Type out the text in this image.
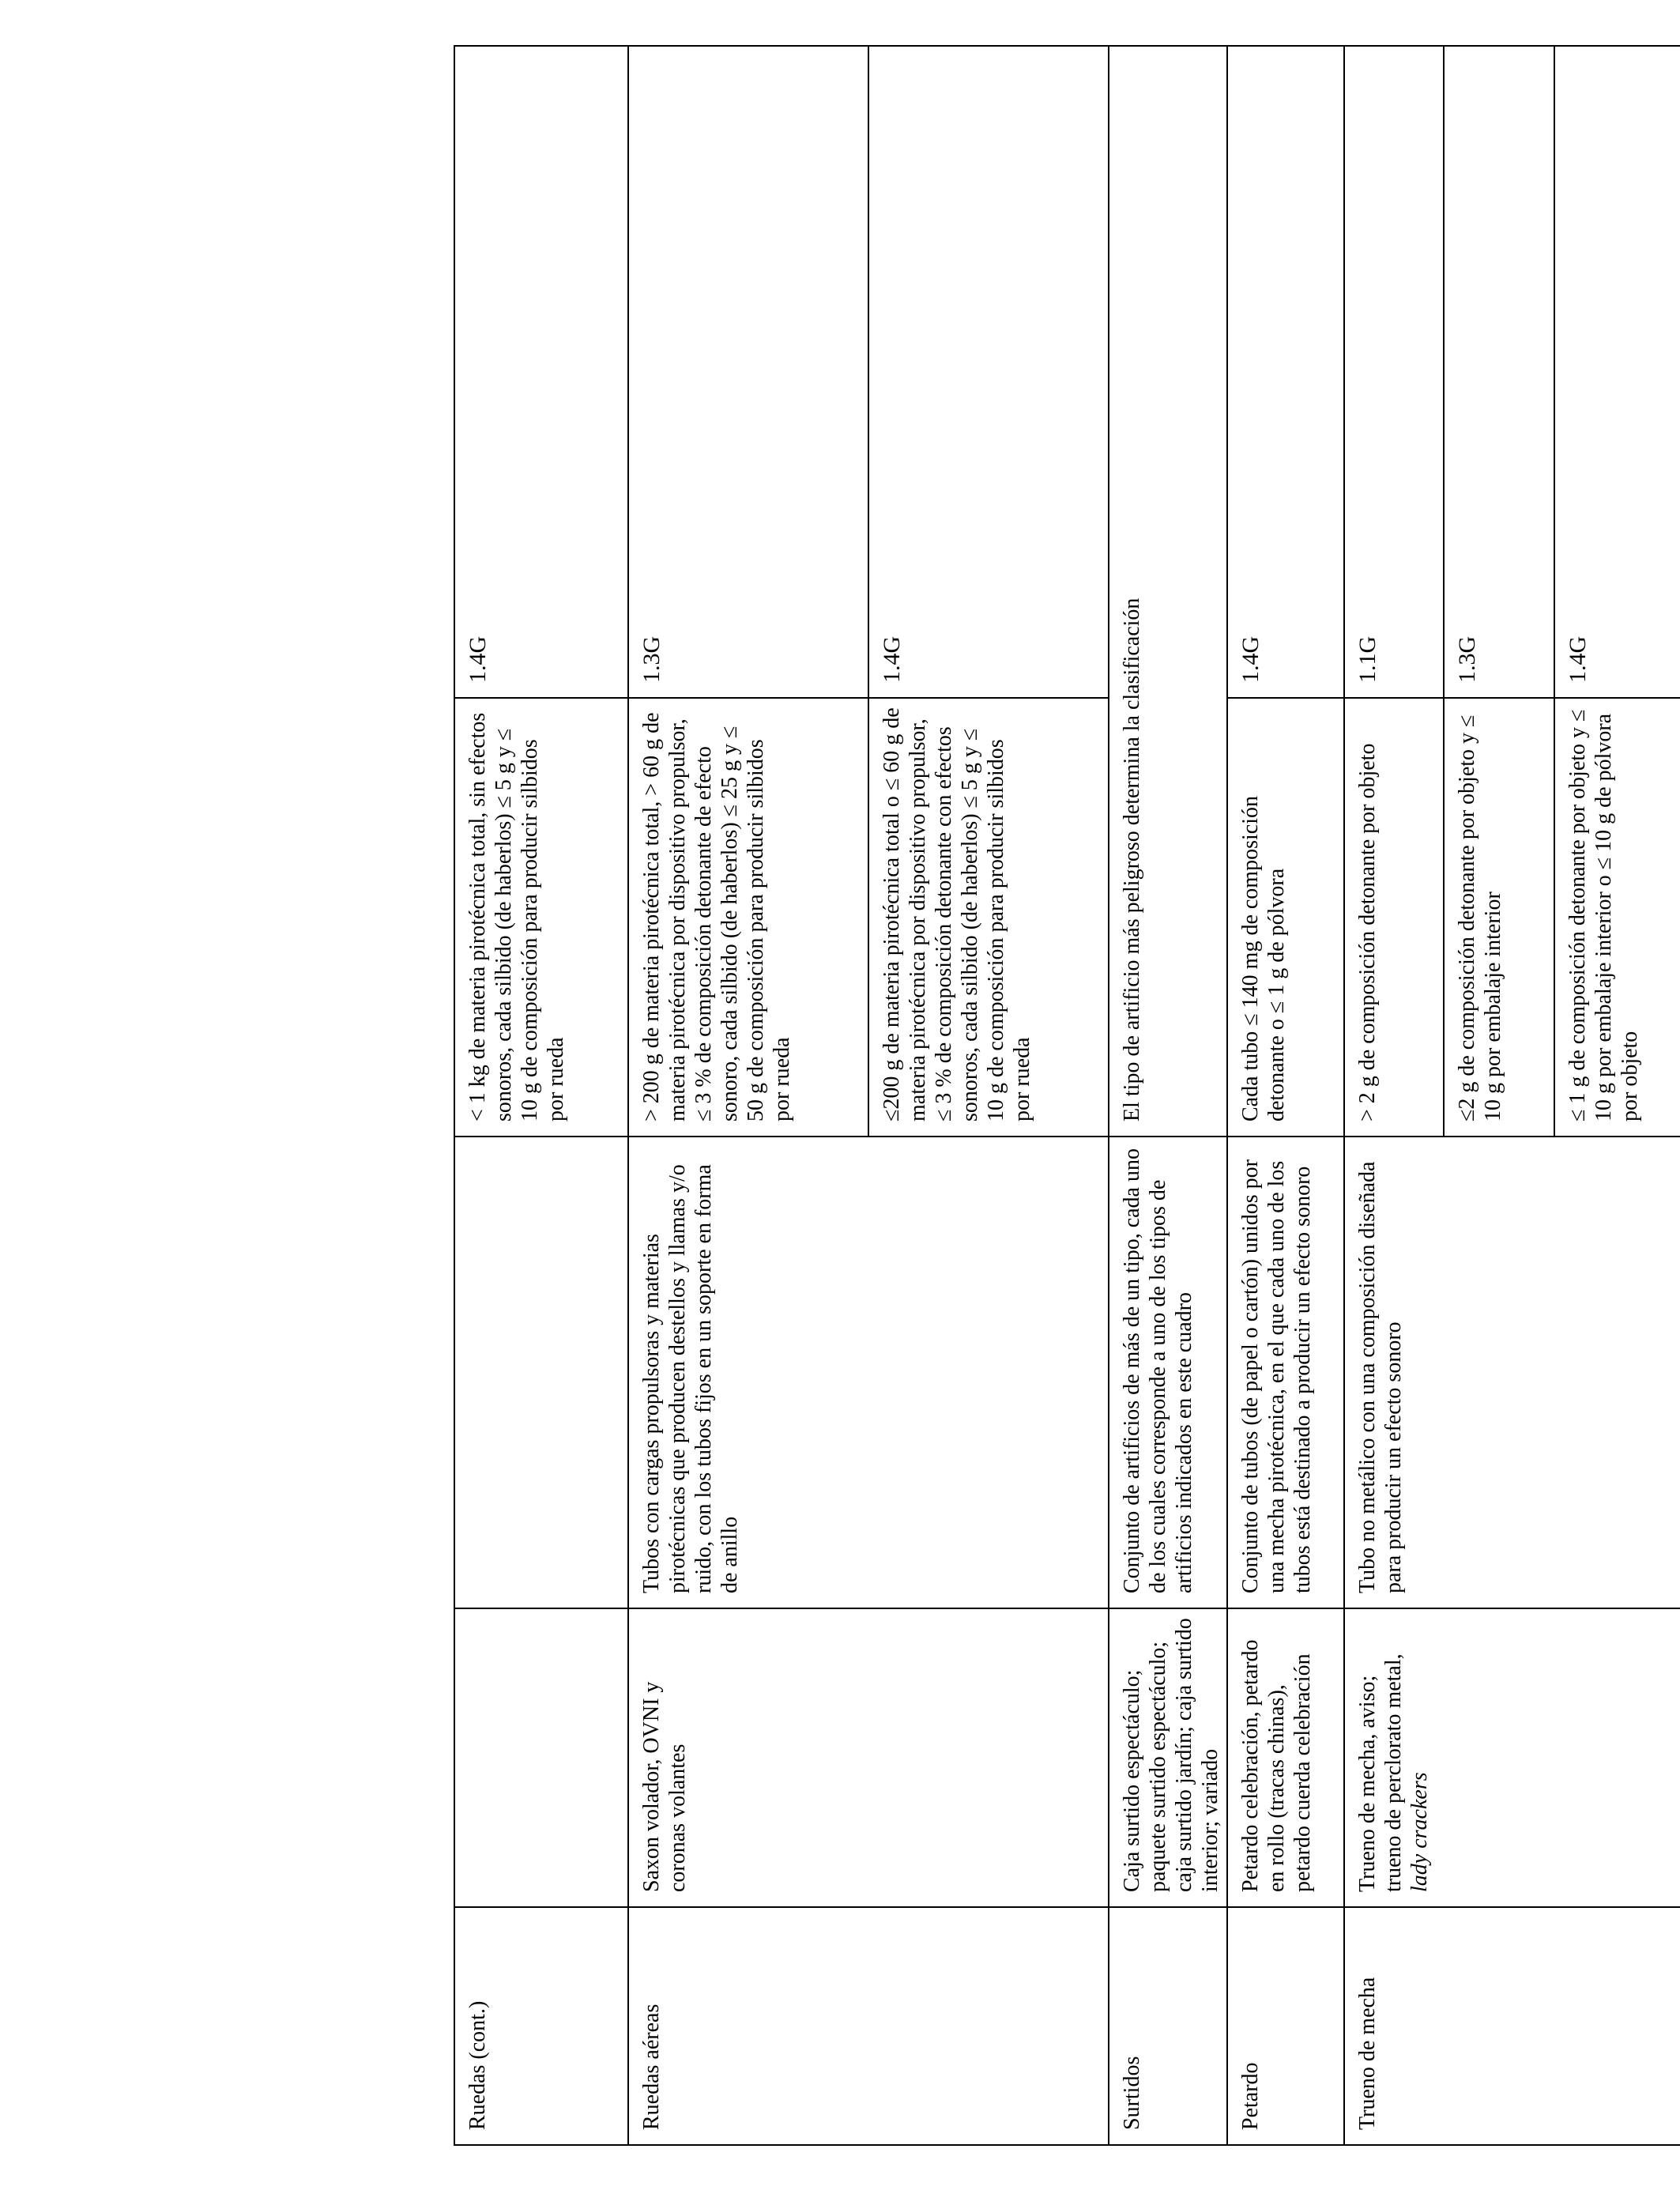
Ruedas (cont.)			< 1 kg de materia pirotécnica total, sin efectos sonoros, cada silbido (de haberlos) ≤ 5 g y ≤ 10 g de composición para producir silbidos por rueda	1.4G
Ruedas aéreas	Saxon volador, OVNI y coronas volantes	Tubos con cargas propulsoras y materias pirotécnicas que producen destellos y llamas y/o ruido, con los tubos fijos en un soporte en forma de anillo	> 200 g de materia pirotécnica total, > 60 g de materia pirotécnica por dispositivo propulsor, ≤ 3 % de composición detonante de efecto sonoro, cada silbido (de haberlos) ≤ 25 g y ≤ 50 g de composición para producir silbidos por rueda	1.3G
			≤200 g de materia pirotécnica total o ≤ 60 g de materia pirotécnica por dispositivo propulsor, ≤ 3 % de composición detonante con efectos sonoros, cada silbido (de haberlos) ≤ 5 g y ≤ 10 g de composición para producir silbidos por rueda	1.4G
Surtidos	Caja surtido espectáculo; paquete surtido espectáculo; caja surtido jardín; caja surtido interior; variado	Conjunto de artificios de más de un tipo, cada uno de los cuales corresponde a uno de los tipos de artificios indicados en este cuadro	El tipo de artificio más peligroso determina la clasificación	
Petardo	Petardo celebración, petardo en rollo (tracas chinas), petardo cuerda celebración	Conjunto de tubos (de papel o cartón) unidos por una mecha pirotécnica, en el que cada uno de los tubos está destinado a producir un efecto sonoro	Cada tubo ≤ 140 mg de composición detonante o ≤ 1 g de pólvora	1.4G
Trueno de mecha	Trueno de mecha, aviso; trueno de perclorato metal, lady crackers	Tubo no metálico con una composición diseñada para producir un efecto sonoro	> 2 g de composición detonante por objeto	1.1G
			≤2 g de composición detonante por objeto y ≤ 10 g por embalaje interior	1.3G
			≤ 1 g de composición detonante por objeto y ≤ 10 g por embalaje interior o ≤ 10 g de pólvora por objeto	1.4G
